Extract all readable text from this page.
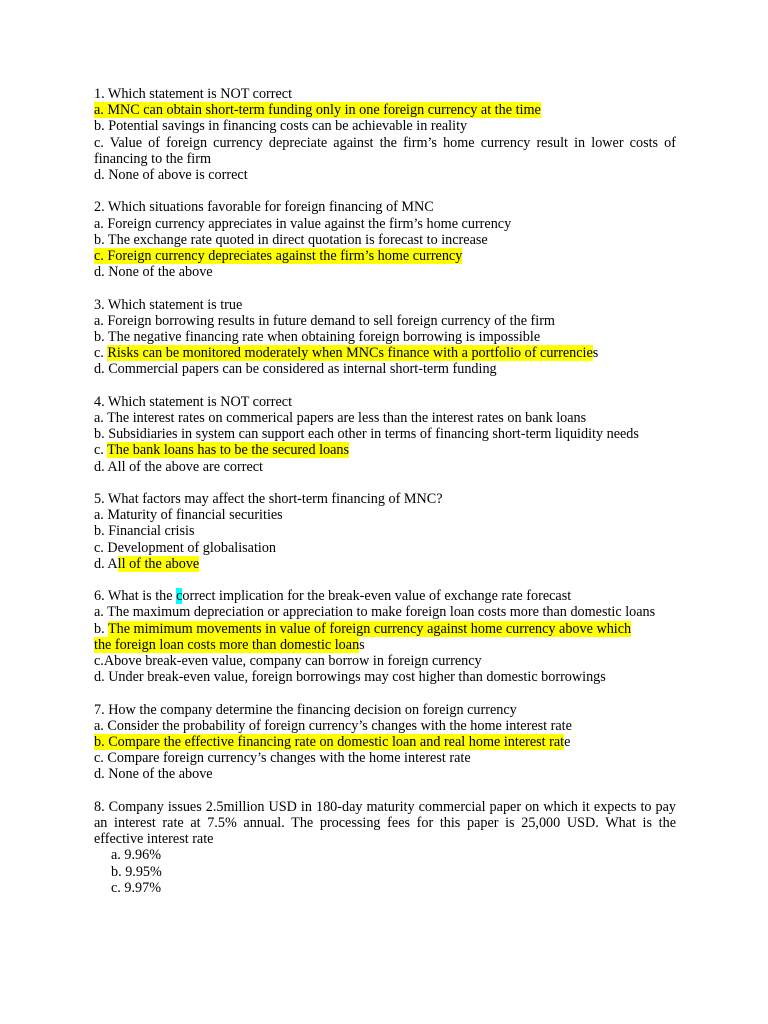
1. Which statement is NOT correct
a. MNC can obtain short-term funding only in one foreign currency at the time
b. Potential savings in financing costs can be achievable in reality
c. Value of foreign currency depreciate against the firm’s home currency result in lower costs of financing to the firm
d. None of above is correct
2. Which situations favorable for foreign financing of MNC
a. Foreign currency appreciates in value against the firm’s home currency
b. The exchange rate quoted in direct quotation is forecast to increase
c. Foreign currency depreciates against the firm’s home currency
d. None of the above
3. Which statement is true
a. Foreign borrowing results in future demand to sell foreign currency of the firm
b. The negative financing rate when obtaining foreign borrowing is impossible
c. Risks can be monitored moderately when MNCs finance with a portfolio of currencies
d. Commercial papers can be considered as internal short-term funding
4. Which statement is NOT correct
a. The interest rates on commerical papers are less than the interest rates on bank loans
b. Subsidiaries in system can support each other in terms of financing short-term liquidity needs
c. The bank loans has to be the secured loans
d. All of the above are correct
5. What factors may affect the short-term financing of MNC?
a. Maturity of financial securities
b. Financial crisis
c. Development of globalisation
d. All of the above
6. What is the correct implication for the break-even value of exchange rate forecast
a. The maximum depreciation or appreciation to make foreign loan costs more than domestic loans
b. The mimimum movements in value of foreign currency against home currency above which
the foreign loan costs more than domestic loans
c.Above break-even value, company can borrow in foreign currency
d. Under break-even value, foreign borrowings may cost higher than domestic borrowings
7. How the company determine the financing decision on foreign currency
a. Consider the probability of foreign currency’s changes with the home interest rate
b. Compare the effective financing rate on domestic loan and real home interest rate
c. Compare foreign currency’s changes with the home interest rate
d. None of the above
8. Company issues 2.5million USD in 180-day maturity commercial paper on which it expects to pay an interest rate at 7.5% annual. The processing fees for this paper is 25,000 USD. What is the effective interest rate
a. 9.96%
b. 9.95%
c. 9.97%
